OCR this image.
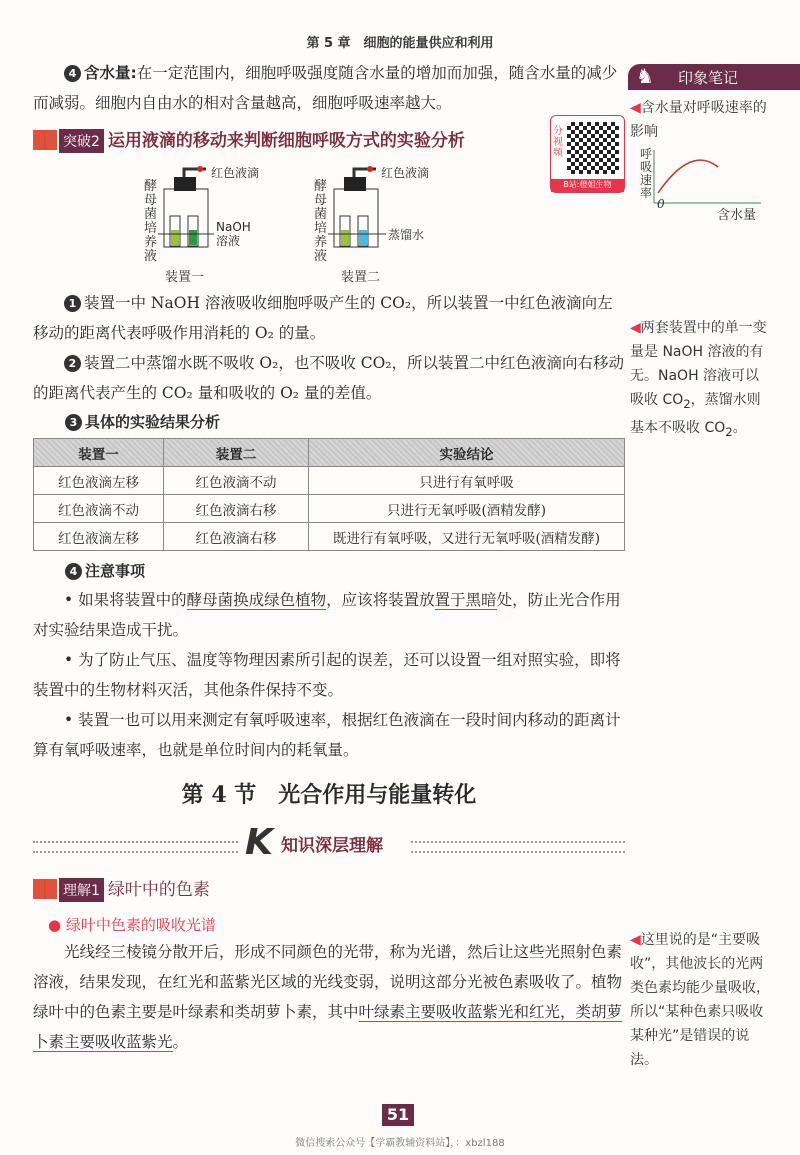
第 5 章　细胞的能量供应和利用
♞ 印象笔记
◀含水量对呼吸速率的影响
呼吸速率
0
含水量
◀两套装置中的单一变量是 NaOH 溶液的有无。NaOH 溶液可以吸收 $CO_2$，蒸馏水则基本不吸收 $CO_2$。
◀这里说的是“主要吸收”，其他波长的光两类色素均能少量吸收，所以“某种色素只吸收某种光”是错误的说法。
分视频
B站:橙姐生物
4 含水量:在一定范围内，细胞呼吸强度随含水量的增加而加强，随含水量的减少而减弱。细胞内自由水的相对含量越高，细胞呼吸速率越大。
突破2 运用液滴的移动来判断细胞呼吸方式的实验分析
酵母菌培养液
红色液滴
NaOH溶液
装置一
酵母菌培养液
红色液滴
蒸馏水
装置二
1 装置一中 NaOH 溶液吸收细胞呼吸产生的 CO₂，所以装置一中红色液滴向左移动的距离代表呼吸作用消耗的 O₂ 的量。
2 装置二中蒸馏水既不吸收 O₂，也不吸收 CO₂，所以装置二中红色液滴向右移动的距离代表产生的 CO₂ 量和吸收的 O₂ 量的差值。
3 具体的实验结果分析
装置一	装置二	实验结论
红色液滴左移	红色液滴不动	只进行有氧呼吸
红色液滴不动	红色液滴右移	只进行无氧呼吸(酒精发酵)
红色液滴左移	红色液滴右移	既进行有氧呼吸，又进行无氧呼吸(酒精发酵)
4 注意事项
• 如果将装置中的酵母菌换成绿色植物，应该将装置放置于黑暗处，防止光合作用对实验结果造成干扰。
• 为了防止气压、温度等物理因素所引起的误差，还可以设置一组对照实验，即将装置中的生物材料灭活，其他条件保持不变。
• 装置一也可以用来测定有氧呼吸速率，根据红色液滴在一段时间内移动的距离计算有氧呼吸速率，也就是单位时间内的耗氧量。
第 4 节　光合作用与能量转化
K 知识深层理解
理解1 绿叶中的色素
● 绿叶中色素的吸收光谱
光线经三棱镜分散开后，形成不同颜色的光带，称为光谱，然后让这些光照射色素溶液，结果发现，在红光和蓝紫光区域的光线变弱，说明这部分光被色素吸收了。植物绿叶中的色素主要是叶绿素和类胡萝卜素，其中叶绿素主要吸收蓝紫光和红光，类胡萝卜素主要吸收蓝紫光。
51
微信搜索公众号【学霸教辅资料站】，：xbzl188
